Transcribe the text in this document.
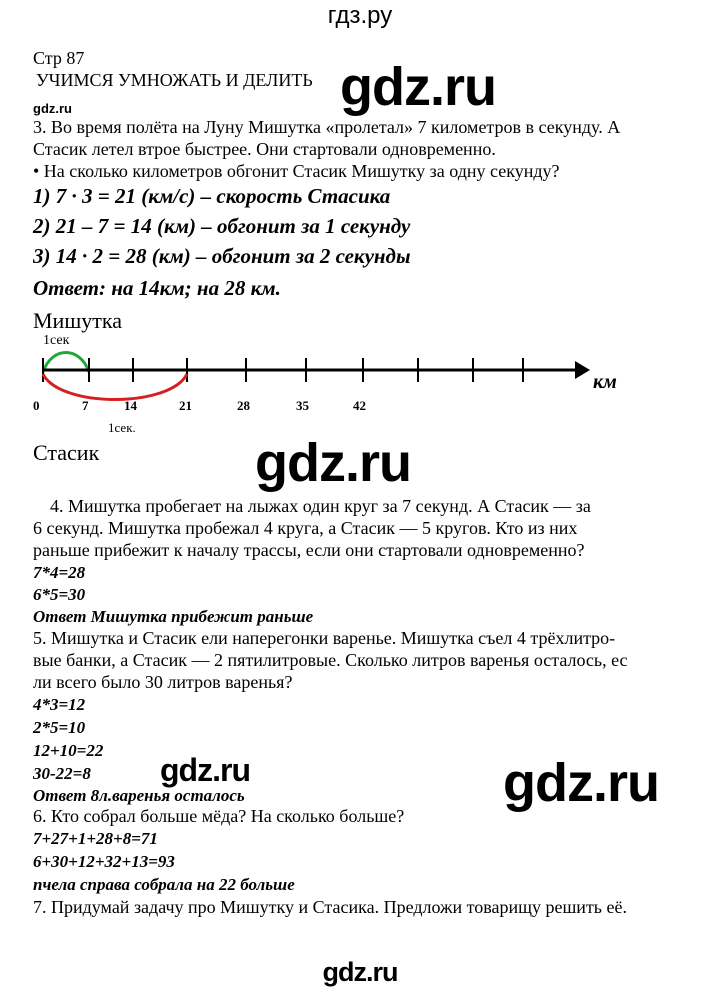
гдз.ру
Стр 87
УЧИМСЯ УМНОЖАТЬ И ДЕЛИТЬ gdz.ru
gdz.ru
3. Во время полёта на Луну Мишутка «пролетал» 7 километров в секунду. А
Стасик летел втрое быстрее. Они стартовали одновременно.
• На сколько километров обгонит Стасик Мишутку за одну секунду?
1) 7 · 3 = 21 (км/с) – скорость Стасика
2) 21 – 7 = 14 (км) – обгонит за 1 секунду
3) 14 · 2 = 28 (км) – обгонит за 2 секунды
Ответ: на 14км; на 28 км.
Мишутка
1сек
км
0	7	14	21	28	35	42
1сек.
Стасик	gdz.ru
4. Мишутка пробегает на лыжах один круг за 7 секунд. А Стасик — за
6 секунд. Мишутка пробежал 4 круга, а Стасик — 5 кругов. Кто из них
раньше прибежит к началу трассы, если они стартовали одновременно?
7*4=28
6*5=30
Ответ Мишутка прибежит раньше
5. Мишутка и Стасик ели наперегонки варенье. Мишутка съел 4 трёхлитро-
вые банки, а Стасик — 2 пятилитровые. Сколько литров варенья осталось, ес
ли всего было 30 литров варенья?
4*3=12
2*5=10
12+10=22
30-22=8
Ответ 8л.варенья осталось
gdz.ru	gdz.ru
6. Кто собрал больше мёда? На сколько больше?
7+27+1+28+8=71
6+30+12+32+13=93
пчела справа собрала на 22 больше
7. Придумай задачу про Мишутку и Стасика. Предложи товарищу решить её.
gdz.ru
